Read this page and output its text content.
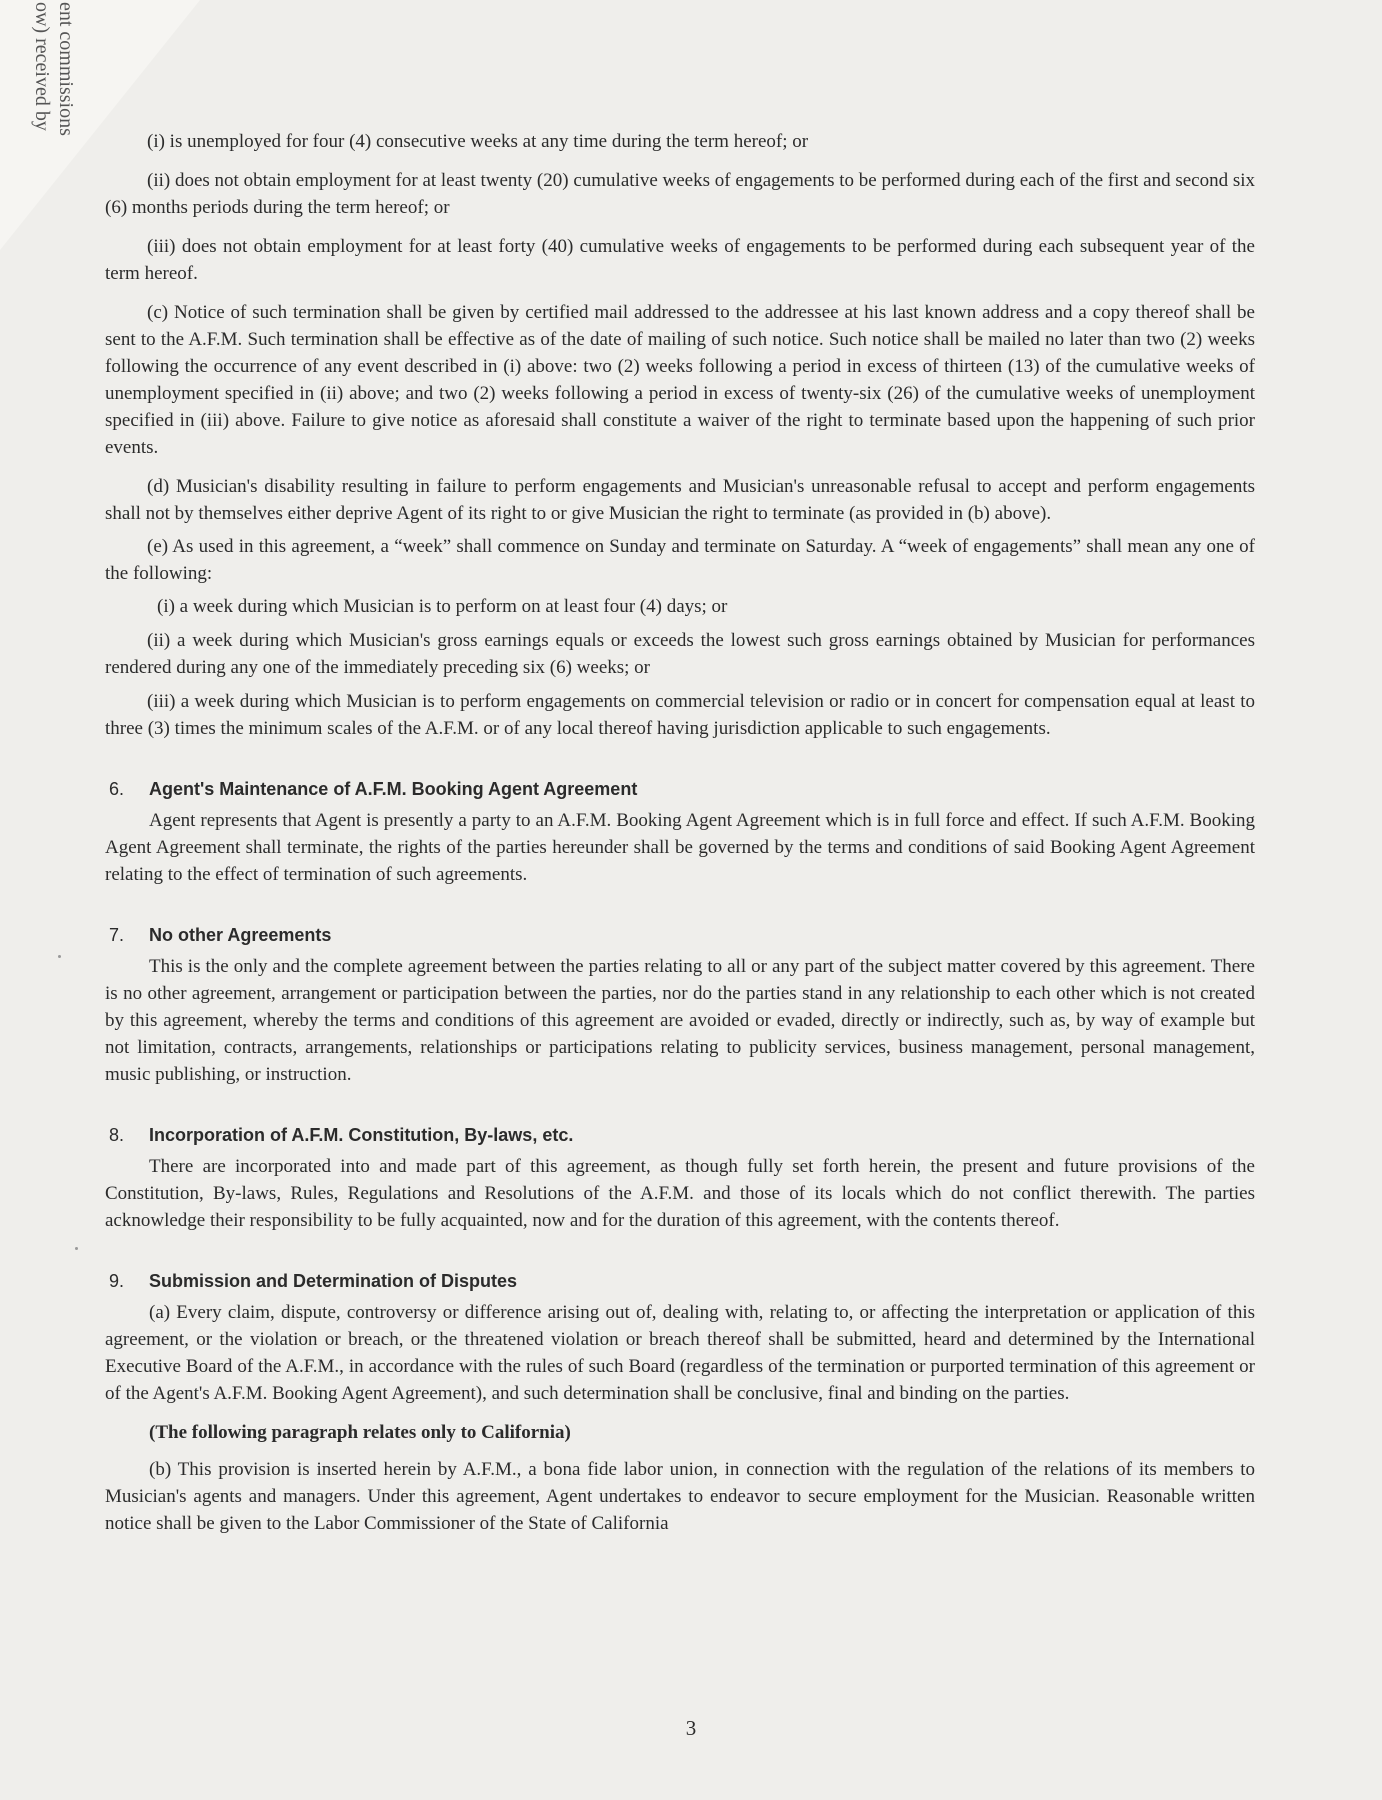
ent commissions
ow) received by

(i) is unemployed for four (4) consecutive weeks at any time during the term hereof; or

(ii) does not obtain employment for at least twenty (20) cumulative weeks of engagements to be performed during each of the first and second six (6) months periods during the term hereof; or

(iii) does not obtain employment for at least forty (40) cumulative weeks of engagements to be performed during each subsequent year of the term hereof.

(c) Notice of such termination shall be given by certified mail addressed to the addressee at his last known address and a copy thereof shall be sent to the A.F.M. Such termination shall be effective as of the date of mailing of such notice. Such notice shall be mailed no later than two (2) weeks following the occurrence of any event described in (i) above: two (2) weeks following a period in excess of thirteen (13) of the cumulative weeks of unemployment specified in (ii) above; and two (2) weeks following a period in excess of twenty-six (26) of the cumulative weeks of unemployment specified in (iii) above. Failure to give notice as aforesaid shall constitute a waiver of the right to terminate based upon the happening of such prior events.

(d) Musician's disability resulting in failure to perform engagements and Musician's unreasonable refusal to accept and perform engagements shall not by themselves either deprive Agent of its right to or give Musician the right to terminate (as provided in (b) above).

(e) As used in this agreement, a “week” shall commence on Sunday and terminate on Saturday. A “week of engagements” shall mean any one of the following:

(i) a week during which Musician is to perform on at least four (4) days; or

(ii) a week during which Musician's gross earnings equals or exceeds the lowest such gross earnings obtained by Musician for performances rendered during any one of the immediately preceding six (6) weeks; or

(iii) a week during which Musician is to perform engagements on commercial television or radio or in concert for compensation equal at least to three (3) times the minimum scales of the A.F.M. or of any local thereof having jurisdiction applicable to such engagements.

6. Agent's Maintenance of A.F.M. Booking Agent Agreement

Agent represents that Agent is presently a party to an A.F.M. Booking Agent Agreement which is in full force and effect. If such A.F.M. Booking Agent Agreement shall terminate, the rights of the parties hereunder shall be governed by the terms and conditions of said Booking Agent Agreement relating to the effect of termination of such agreements.

7. No other Agreements

This is the only and the complete agreement between the parties relating to all or any part of the subject matter covered by this agreement. There is no other agreement, arrangement or participation between the parties, nor do the parties stand in any relationship to each other which is not created by this agreement, whereby the terms and conditions of this agreement are avoided or evaded, directly or indirectly, such as, by way of example but not limitation, contracts, arrangements, relationships or participations relating to publicity services, business management, personal management, music publishing, or instruction.

8. Incorporation of A.F.M. Constitution, By-laws, etc.

There are incorporated into and made part of this agreement, as though fully set forth herein, the present and future provisions of the Constitution, By-laws, Rules, Regulations and Resolutions of the A.F.M. and those of its locals which do not conflict therewith. The parties acknowledge their responsibility to be fully acquainted, now and for the duration of this agreement, with the contents thereof.

9. Submission and Determination of Disputes

(a) Every claim, dispute, controversy or difference arising out of, dealing with, relating to, or affecting the interpretation or application of this agreement, or the violation or breach, or the threatened violation or breach thereof shall be submitted, heard and determined by the International Executive Board of the A.F.M., in accordance with the rules of such Board (regardless of the termination or purported termination of this agreement or of the Agent's A.F.M. Booking Agent Agreement), and such determination shall be conclusive, final and binding on the parties.

(The following paragraph relates only to California)

(b) This provision is inserted herein by A.F.M., a bona fide labor union, in connection with the regulation of the relations of its members to Musician's agents and managers. Under this agreement, Agent undertakes to endeavor to secure employment for the Musician. Reasonable written notice shall be given to the Labor Commissioner of the State of California

3
